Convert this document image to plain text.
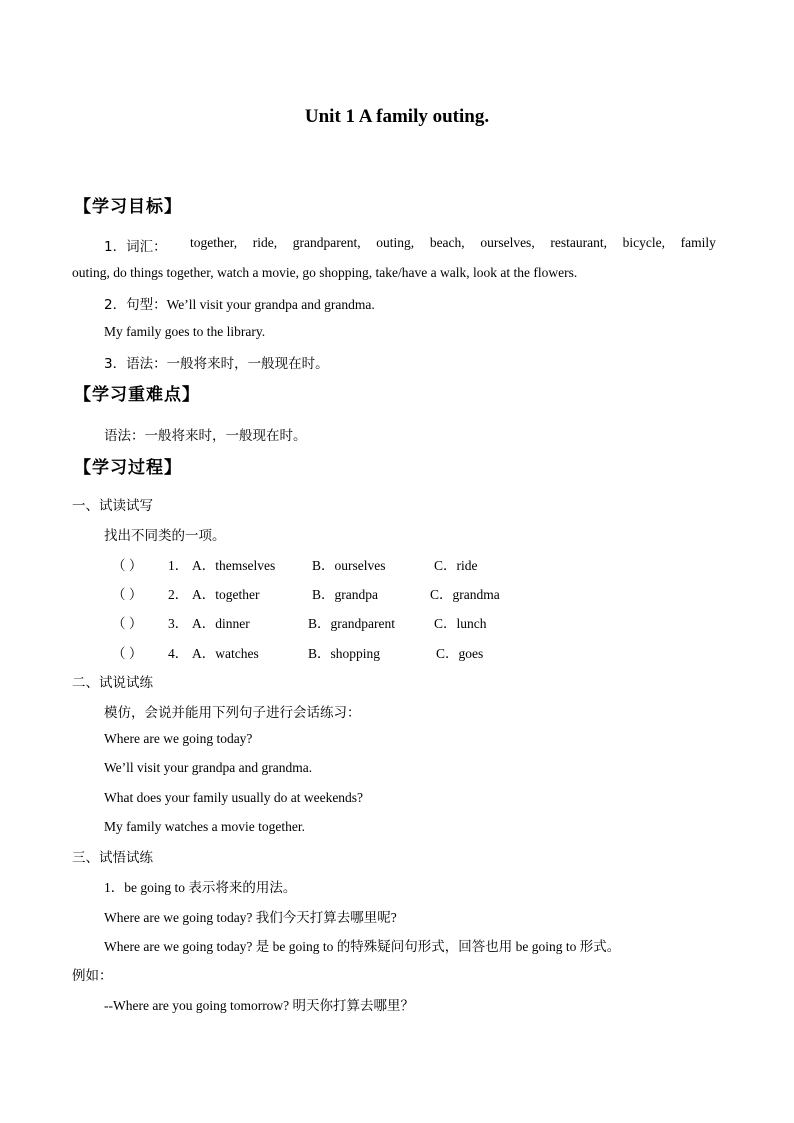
Unit 1 A family outing.
【学习目标】
1．词汇： together, ride, grandparent, outing, beach, ourselves, restaurant, bicycle, family
outing, do things together, watch a movie, go shopping, take/have a walk, look at the flowers.
2．句型：We’ll visit your grandpa and grandma.
My family goes to the library.
3．语法：一般将来时，一般现在时。
【学习重难点】
语法：一般将来时，一般现在时。
【学习过程】
一、试读试写
找出不同类的一项。
（ ） 1． A．themselves	B．ourselves	C．ride
（ ） 2． A．together	B．grandpa	C．grandma
（ ） 3． A．dinner	B．grandparent	C．lunch
（ ） 4． A．watches	B．shopping	C．goes
二、试说试练
模仿，会说并能用下列句子进行会话练习：
Where are we going today?
We’ll visit your grandpa and grandma.
What does your family usually do at weekends?
My family watches a movie together.
三、试悟试练
1．be going to 表示将来的用法。
Where are we going today? 我们今天打算去哪里呢?
Where are we going today? 是 be going to 的特殊疑问句形式，回答也用 be going to 形式。
例如：
--Where are you going tomorrow? 明天你打算去哪里？
